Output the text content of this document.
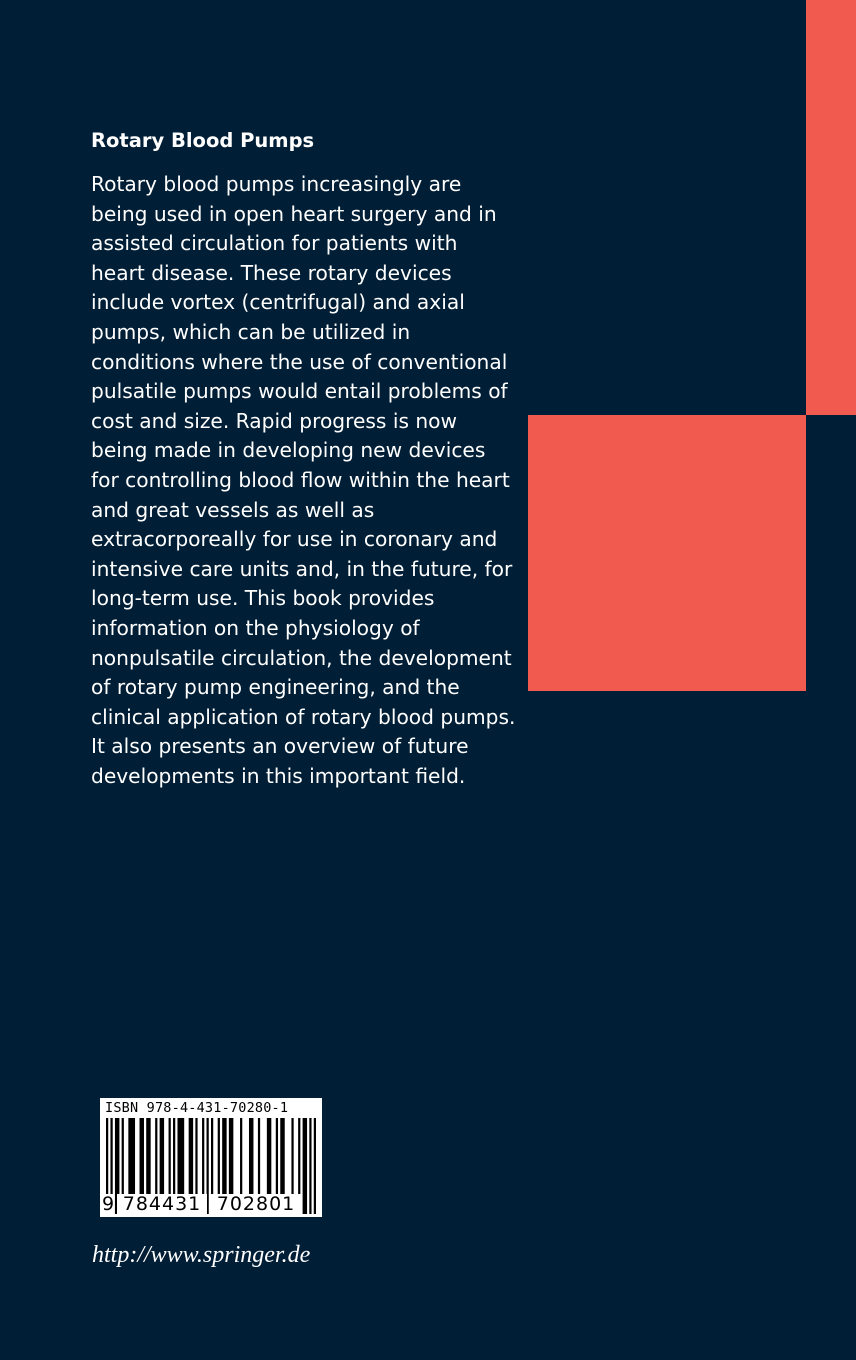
Rotary Blood Pumps

Rotary blood pumps increasingly are being used in open heart surgery and in assisted circulation for patients with heart disease. These rotary devices include vortex (centrifugal) and axial pumps, which can be utilized in conditions where the use of conventional pulsatile pumps would entail problems of cost and size. Rapid progress is now being made in developing new devices for controlling blood flow within the heart and great vessels as well as extracorporeally for use in coronary and intensive care units and, in the future, for long-term use. This book provides information on the physiology of nonpulsatile circulation, the development of rotary pump engineering, and the clinical application of rotary blood pumps. It also presents an overview of future developments in this important field.

ISBN 978-4-431-70280-1
9 784431 702801
http://www.springer.de
